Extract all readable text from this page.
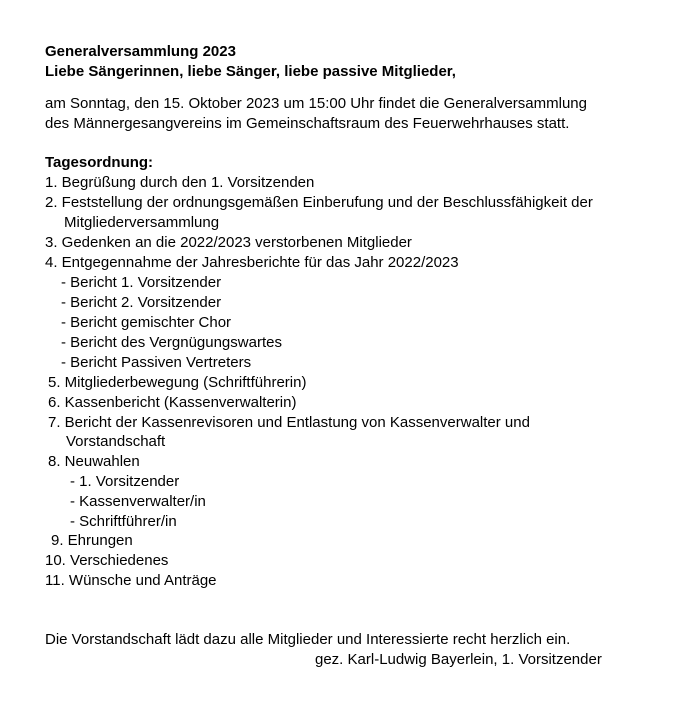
Generalversammlung 2023
Liebe Sängerinnen, liebe Sänger, liebe passive Mitglieder,
am Sonntag, den 15. Oktober 2023 um 15:00 Uhr findet die Generalversammlung
des Männergesangvereins im Gemeinschaftsraum des Feuerwehrhauses statt.
Tagesordnung:
1. Begrüßung durch den 1. Vorsitzenden
2. Feststellung der ordnungsgemäßen Einberufung und der Beschlussfähigkeit der
Mitgliederversammlung
3. Gedenken an die 2022/2023 verstorbenen Mitglieder
4. Entgegennahme der Jahresberichte für das Jahr 2022/2023
- Bericht 1. Vorsitzender
- Bericht 2. Vorsitzender
- Bericht gemischter Chor
- Bericht des Vergnügungswartes
- Bericht Passiven Vertreters
5. Mitgliederbewegung (Schriftführerin)
6. Kassenbericht (Kassenverwalterin)
7. Bericht der Kassenrevisoren und Entlastung von Kassenverwalter und
Vorstandschaft
8. Neuwahlen
- 1. Vorsitzender
- Kassenverwalter/in
- Schriftführer/in
9. Ehrungen
10. Verschiedenes
11. Wünsche und Anträge
Die Vorstandschaft lädt dazu alle Mitglieder und Interessierte recht herzlich ein.
gez. Karl-Ludwig Bayerlein, 1. Vorsitzender
